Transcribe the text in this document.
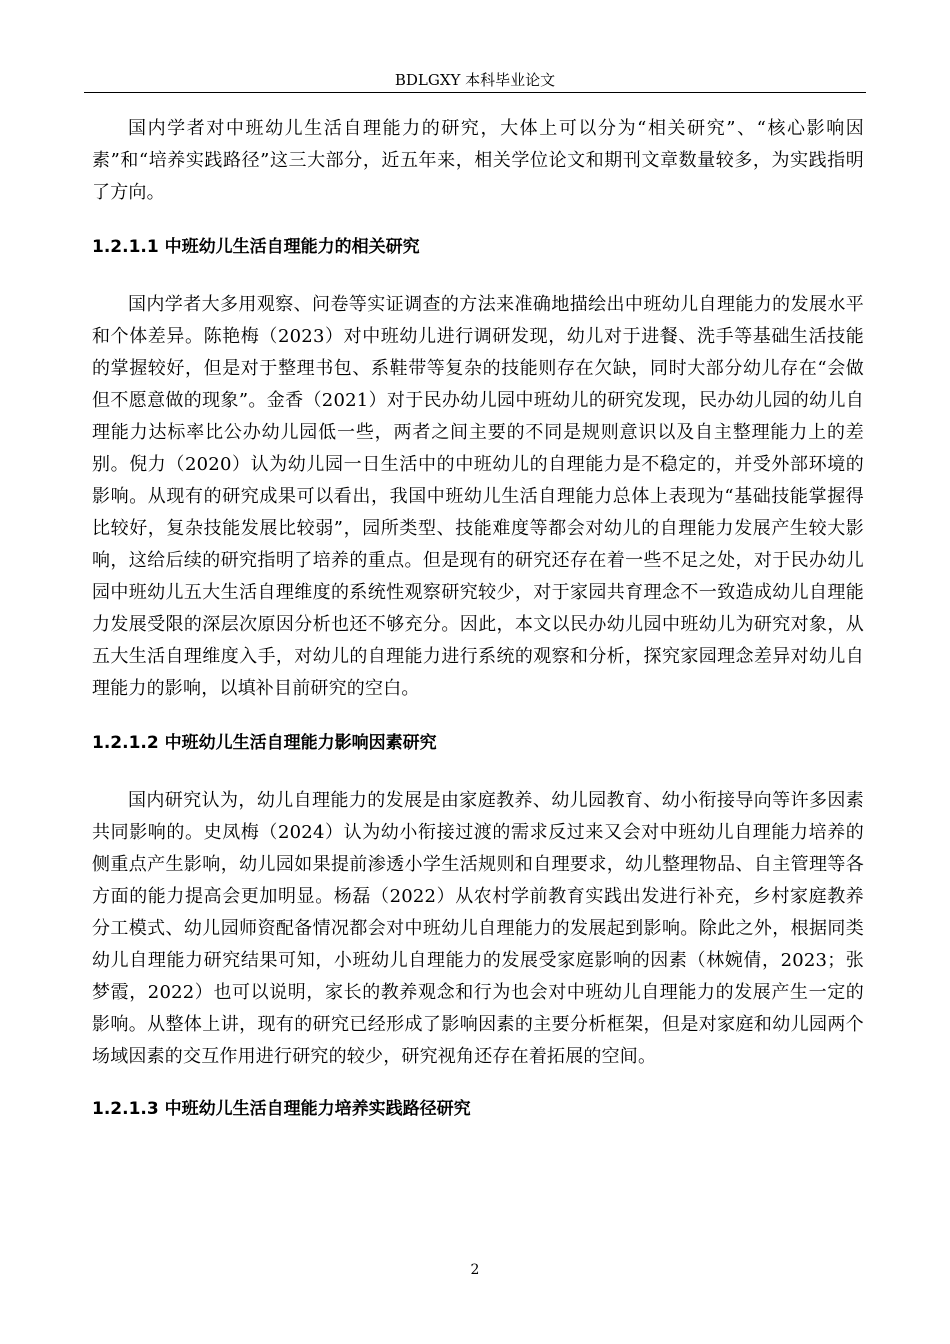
BDLGXY 本科毕业论文

国内学者对中班幼儿生活自理能力的研究，大体上可以分为“相关研究”、“核心影响因素”和“培养实践路径”这三大部分，近五年来，相关学位论文和期刊文章数量较多，为实践指明了方向。

1.2.1.1 中班幼儿生活自理能力的相关研究

国内学者大多用观察、问卷等实证调查的方法来准确地描绘出中班幼儿自理能力的发展水平和个体差异。陈艳梅（2023）对中班幼儿进行调研发现，幼儿对于进餐、洗手等基础生活技能的掌握较好，但是对于整理书包、系鞋带等复杂的技能则存在欠缺，同时大部分幼儿存在“会做但不愿意做的现象”。金香（2021）对于民办幼儿园中班幼儿的研究发现，民办幼儿园的幼儿自理能力达标率比公办幼儿园低一些，两者之间主要的不同是规则意识以及自主整理能力上的差别。倪力（2020）认为幼儿园一日生活中的中班幼儿的自理能力是不稳定的，并受外部环境的影响。从现有的研究成果可以看出，我国中班幼儿生活自理能力总体上表现为“基础技能掌握得比较好，复杂技能发展比较弱”，园所类型、技能难度等都会对幼儿的自理能力发展产生较大影响，这给后续的研究指明了培养的重点。但是现有的研究还存在着一些不足之处，对于民办幼儿园中班幼儿五大生活自理维度的系统性观察研究较少，对于家园共育理念不一致造成幼儿自理能力发展受限的深层次原因分析也还不够充分。因此，本文以民办幼儿园中班幼儿为研究对象，从五大生活自理维度入手，对幼儿的自理能力进行系统的观察和分析，探究家园理念差异对幼儿自理能力的影响，以填补目前研究的空白。

1.2.1.2 中班幼儿生活自理能力影响因素研究

国内研究认为，幼儿自理能力的发展是由家庭教养、幼儿园教育、幼小衔接导向等许多因素共同影响的。史凤梅（2024）认为幼小衔接过渡的需求反过来又会对中班幼儿自理能力培养的侧重点产生影响，幼儿园如果提前渗透小学生活规则和自理要求，幼儿整理物品、自主管理等各方面的能力提高会更加明显。杨磊（2022）从农村学前教育实践出发进行补充，乡村家庭教养分工模式、幼儿园师资配备情况都会对中班幼儿自理能力的发展起到影响。除此之外，根据同类幼儿自理能力研究结果可知，小班幼儿自理能力的发展受家庭影响的因素（林婉倩，2023；张梦霞，2022）也可以说明，家长的教养观念和行为也会对中班幼儿自理能力的发展产生一定的影响。从整体上讲，现有的研究已经形成了影响因素的主要分析框架，但是对家庭和幼儿园两个场域因素的交互作用进行研究的较少，研究视角还存在着拓展的空间。

1.2.1.3 中班幼儿生活自理能力培养实践路径研究
2
